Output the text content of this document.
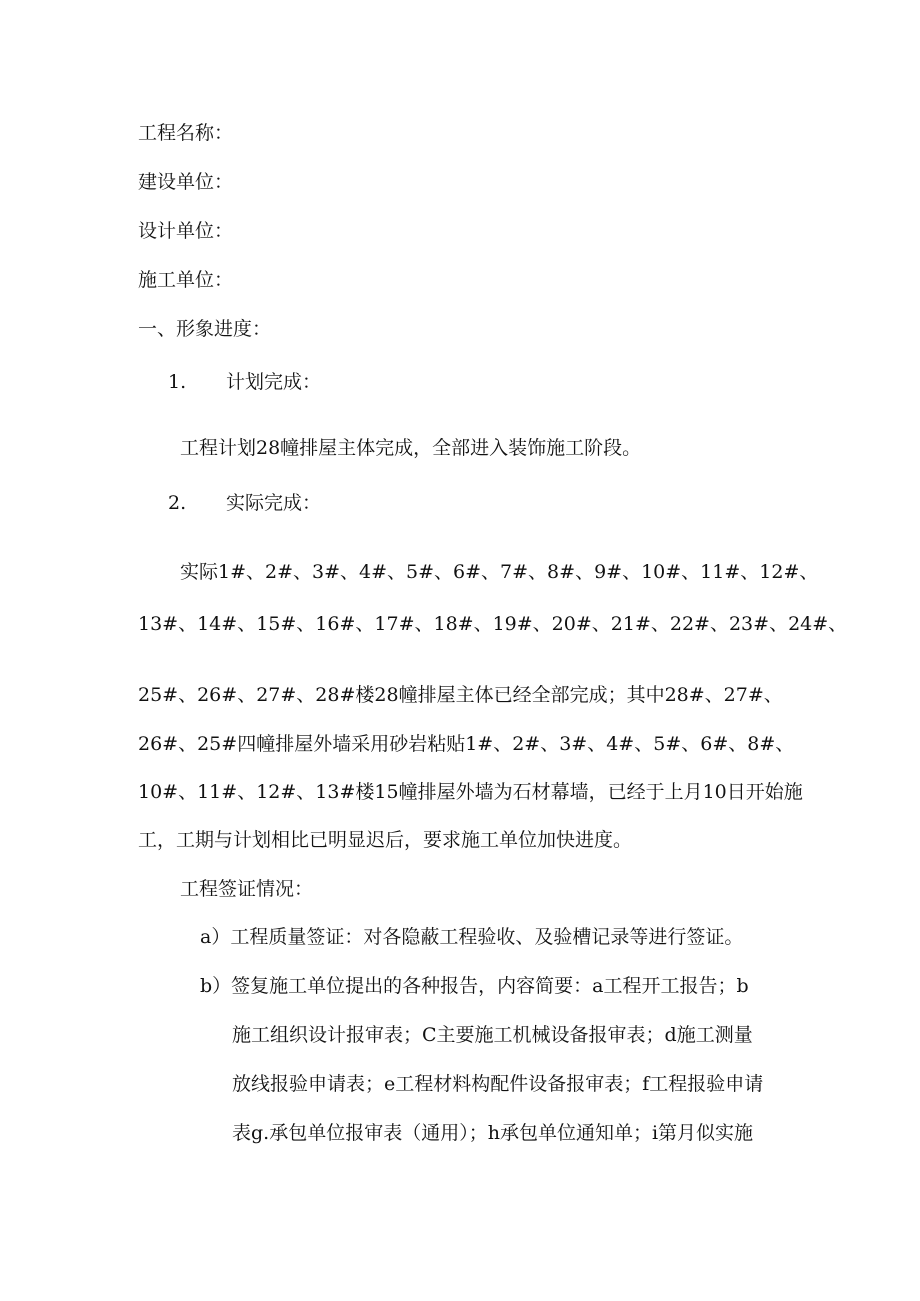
工程名称：
建设单位：
设计单位：
施工单位：
一、形象进度：
1. 计划完成：
工程计划28幢排屋主体完成，全部进入装饰施工阶段。
2. 实际完成：
实际1#、2#、3#、4#、5#、6#、7#、8#、9#、10#、11#、12#、
13#、14#、15#、16#、17#、18#、19#、20#、21#、22#、23#、24#、
25#、26#、27#、28#楼28幢排屋主体已经全部完成；其中28#、27#、
26#、25#四幢排屋外墙采用砂岩粘贴1#、2#、3#、4#、5#、6#、8#、
10#、11#、12#、13#楼15幢排屋外墙为石材幕墙，已经于上月10日开始施
工，工期与计划相比已明显迟后，要求施工单位加快进度。
工程签证情况：
a）工程质量签证：对各隐蔽工程验收、及验槽记录等进行签证。
b）签复施工单位提出的各种报告，内容简要：a工程开工报告；b
施工组织设计报审表；C主要施工机械设备报审表；d施工测量
放线报验申请表；e工程材料构配件设备报审表；f工程报验申请
表g.承包单位报审表（通用）；h承包单位通知单；i第月似实施
